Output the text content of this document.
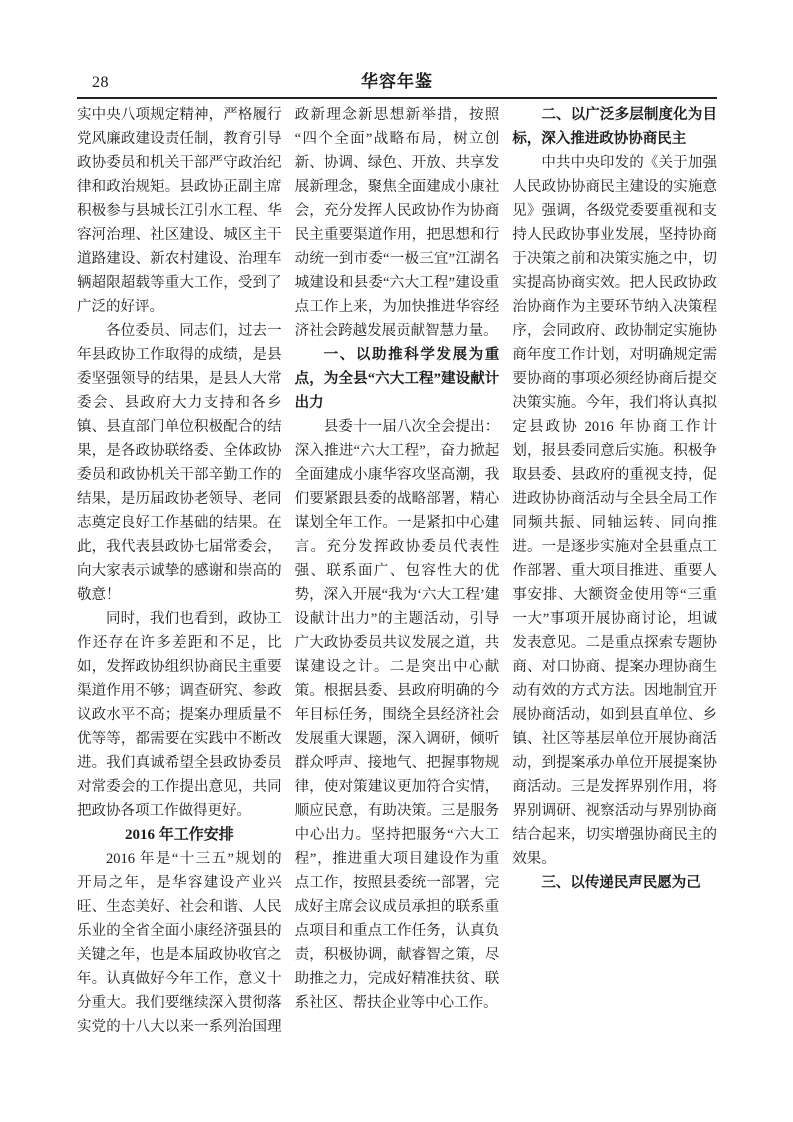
28	华容年鉴

实中央八项规定精神，严格履行党风廉政建设责任制，教育引导政协委员和机关干部严守政治纪律和政治规矩。县政协正副主席积极参与县城长江引水工程、华容河治理、社区建设、城区主干道路建设、新农村建设、治理车辆超限超载等重大工作，受到了广泛的好评。

各位委员、同志们，过去一年县政协工作取得的成绩，是县委坚强领导的结果，是县人大常委会、县政府大力支持和各乡镇、县直部门单位积极配合的结果，是各政协联络委、全体政协委员和政协机关干部辛勤工作的结果，是历届政协老领导、老同志奠定良好工作基础的结果。在此，我代表县政协七届常委会，向大家表示诚挚的感谢和崇高的敬意！

同时，我们也看到，政协工作还存在许多差距和不足，比如，发挥政协组织协商民主重要渠道作用不够；调查研究、参政议政水平不高；提案办理质量不优等等，都需要在实践中不断改进。我们真诚希望全县政协委员对常委会的工作提出意见，共同把政协各项工作做得更好。

2016 年工作安排

2016 年是“十三五”规划的开局之年，是华容建设产业兴旺、生态美好、社会和谐、人民乐业的全省全面小康经济强县的关键之年，也是本届政协收官之年。认真做好今年工作，意义十分重大。我们要继续深入贯彻落实党的十八大以来一系列治国理政新理念新思想新举措，按照“四个全面”战略布局，树立创新、协调、绿色、开放、共享发展新理念，聚焦全面建成小康社会，充分发挥人民政协作为协商民主重要渠道作用，把思想和行动统一到市委“一极三宜”江湖名城建设和县委“六大工程”建设重点工作上来，为加快推进华容经济社会跨越发展贡献智慧力量。

一、以助推科学发展为重点，为全县“六大工程”建设献计出力

县委十一届八次全会提出：深入推进“六大工程”，奋力掀起全面建成小康华容攻坚高潮，我们要紧跟县委的战略部署，精心谋划全年工作。一是紧扣中心建言。充分发挥政协委员代表性强、联系面广、包容性大的优势，深入开展“我为‘六大工程’建设献计出力”的主题活动，引导广大政协委员共议发展之道，共谋建设之计。二是突出中心献策。根据县委、县政府明确的今年目标任务，围绕全县经济社会发展重大课题，深入调研，倾听群众呼声、接地气、把握事物规律，使对策建议更加符合实情，顺应民意，有助决策。三是服务中心出力。坚持把服务“六大工程”，推进重大项目建设作为重点工作，按照县委统一部署，完成好主席会议成员承担的联系重点项目和重点工作任务，认真负责，积极协调，献睿智之策，尽助推之力，完成好精准扶贫、联系社区、帮扶企业等中心工作。

二、以广泛多层制度化为目标，深入推进政协协商民主

中共中央印发的《关于加强人民政协协商民主建设的实施意见》强调，各级党委要重视和支持人民政协事业发展，坚持协商于决策之前和决策实施之中，切实提高协商实效。把人民政协政治协商作为主要环节纳入决策程序，会同政府、政协制定实施协商年度工作计划，对明确规定需要协商的事项必须经协商后提交决策实施。今年，我们将认真拟定县政协 2016 年协商工作计划，报县委同意后实施。积极争取县委、县政府的重视支持，促进政协协商活动与全县全局工作同频共振、同轴运转、同向推进。一是逐步实施对全县重点工作部署、重大项目推进、重要人事安排、大额资金使用等“三重一大”事项开展协商讨论，坦诚发表意见。二是重点探索专题协商、对口协商、提案办理协商生动有效的方式方法。因地制宜开展协商活动，如到县直单位、乡镇、社区等基层单位开展协商活动，到提案承办单位开展提案协商活动。三是发挥界别作用，将界别调研、视察活动与界别协商结合起来，切实增强协商民主的效果。

三、以传递民声民愿为己
